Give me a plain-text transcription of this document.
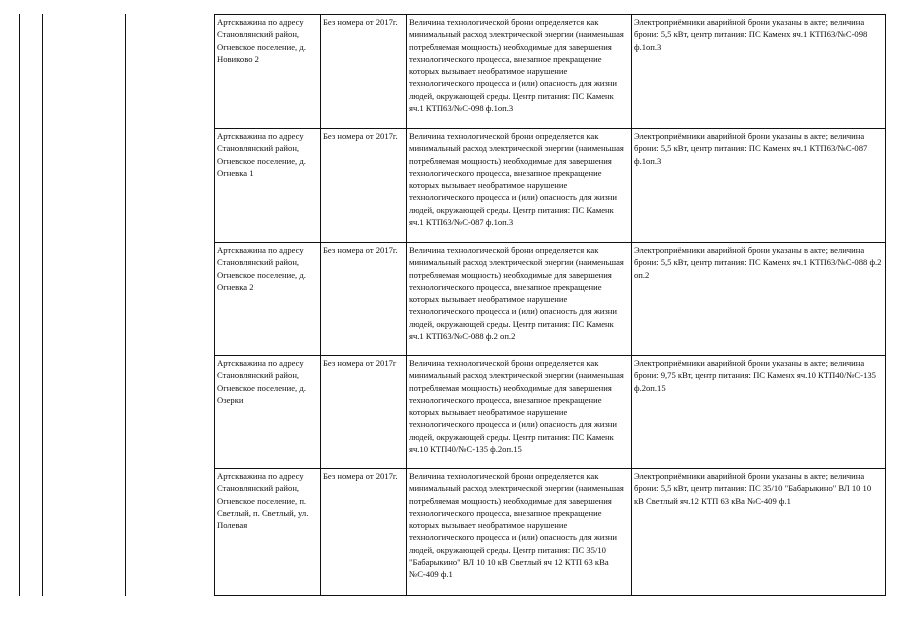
Артскважина по адресу Становлянский район, Огневское поселение, д. Новиково 2	Без номера от 2017г.	Величина технологической брони определяется как минимальный расход электрической энергии (наименьшая потребляемая мощность) необходимые для завершения технологического процесса, внезапное прекращение которых вызывает необратимое нарушение технологического процесса и (или) опасность для жизни людей, окружающей среды. Центр питания: ПС Каменк яч.1 КТП63/№С-098 ф.1оп.3	Электроприёмники аварийной брони указаны в акте; величина брони: 5,5 кВт, центр питания: ПС Каменх яч.1 КТП63/№С-098 ф.1оп.3
Артскважина по адресу Становлянский район, Огневское поселение, д. Огневка 1	Без номера от 2017г.	Величина технологической брони определяется как минимальный расход электрической энергии (наименьшая потребляемая мощность) необходимые для завершения технологического процесса, внезапное прекращение которых вызывает необратимое нарушение технологического процесса и (или) опасность для жизни людей, окружающей среды. Центр питания: ПС Каменк яч.1 КТП63/№С-087 ф.1оп.3	Электроприёмники аварийной брони указаны в акте; величина брони: 5,5 кВт, центр питания: ПС Каменх яч.1 КТП63/№С-087 ф.1оп.3
Артскважина по адресу Становлянский район, Огневское поселение, д. Огневка 2	Без номера от 2017г.	Величина технологической брони определяется как минимальный расход электрической энергии (наименьшая потребляемая мощность) необходимые для завершения технологического процесса, внезапное прекращение которых вызывает необратимое нарушение технологического процесса и (или) опасность для жизни людей, окружающей среды. Центр питания: ПС Каменк яч.1 КТП63/№С-088 ф.2 оп.2	Электроприёмники аварийной брони указаны в акте; величина брони: 5,5 кВт, центр питания: ПС Каменх яч.1 КТП63/№С-088 ф.2 оп.2
Артскважина по адресу Становлянский район, Огневское поселение, д. Озерки	Без номера от 2017г	Величина технологической брони определяется как минимальный расход электрической энергии (наименьшая потребляемая мощность) необходимые для завершения технологического процесса, внезапное прекращение которых вызывает необратимое нарушение технологического процесса и (или) опасность для жизни людей, окружающей среды. Центр питания: ПС Каменк яч.10 КТП40/№С-135 ф.2оп.15	Электроприёмники аварийной брони указаны в акте; величина брони: 9,75 кВт, центр питания: ПС Каменх яч.10 КТП40/№С-135 ф.2оп.15
Артскважина по адресу Становлянский район, Огневское поселение, п. Светлый, п. Светлый, ул. Полевая	Без номера от 2017г.	Величина технологической брони определяется как минимальный расход электрической энергии (наименьшая потребляемая мощность) необходимые для завершения технологического процесса, внезапное прекращение которых вызывает необратимое нарушение технологического процесса и (или) опасность для жизни людей, окружающей среды. Центр питания: ПС 35/10 "Бабарыкино" ВЛ 10 10 кВ Светлый яч 12 КТП 63 кВа №С-409 ф.1	Электроприёмники аварийной брони указаны в акте; величина брони: 5,5 кВт, центр питания: ПС 35/10 "Бабарыкино" ВЛ 10 10 кВ Светлый яч.12 КТП 63 кВа №С-409 ф.1
